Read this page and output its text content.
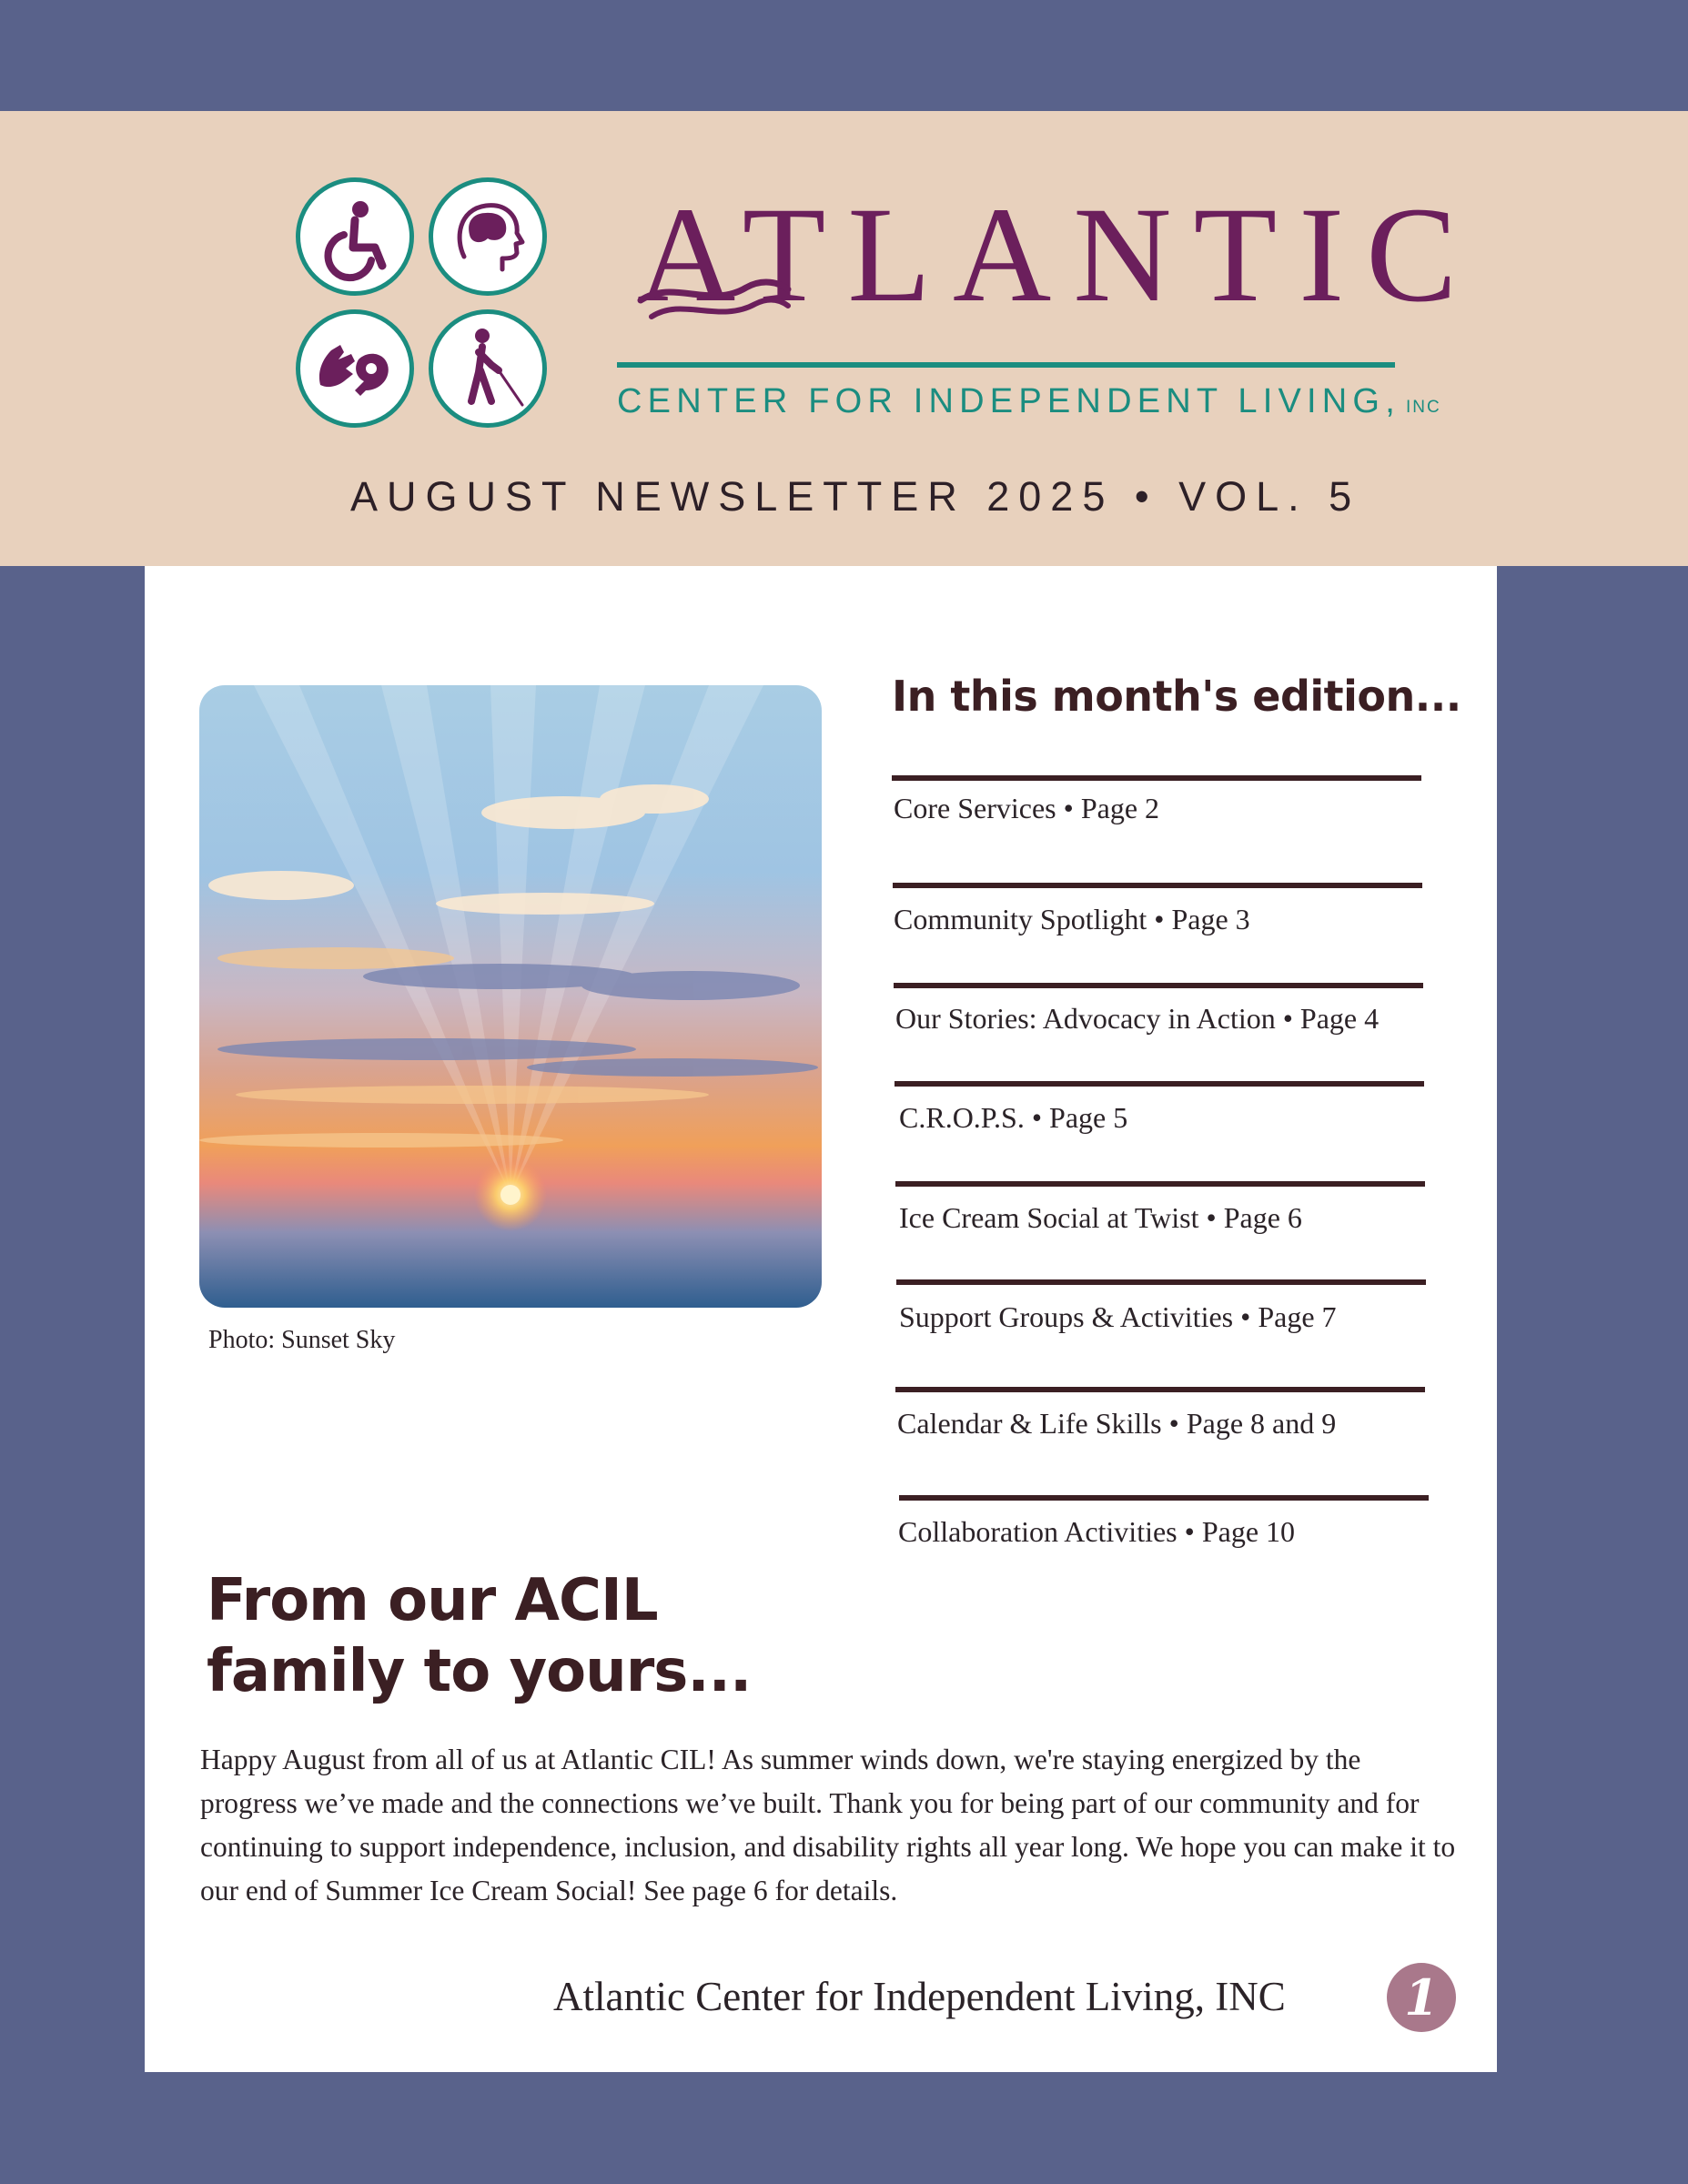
ATLANTIC
CENTER FOR INDEPENDENT LIVING, INC
AUGUST NEWSLETTER 2025 • VOL. 5
Photo: Sunset Sky
In this month's edition...
Core Services • Page 2
Community Spotlight • Page 3
Our Stories: Advocacy in Action • Page 4
C.R.O.P.S. • Page 5
Ice Cream Social at Twist • Page 6
Support Groups & Activities • Page 7
Calendar & Life Skills • Page 8 and 9
Collaboration Activities • Page 10
From our ACIL
family to yours...
Happy August from all of us at Atlantic CIL! As summer winds down, we're staying energized by the progress we’ve made and the connections we’ve built. Thank you for being part of our community and for continuing to support independence, inclusion, and disability rights all year long. We hope you can make it to our end of Summer Ice Cream Social! See page 6 for details.
Atlantic Center for Independent Living, INC	1
